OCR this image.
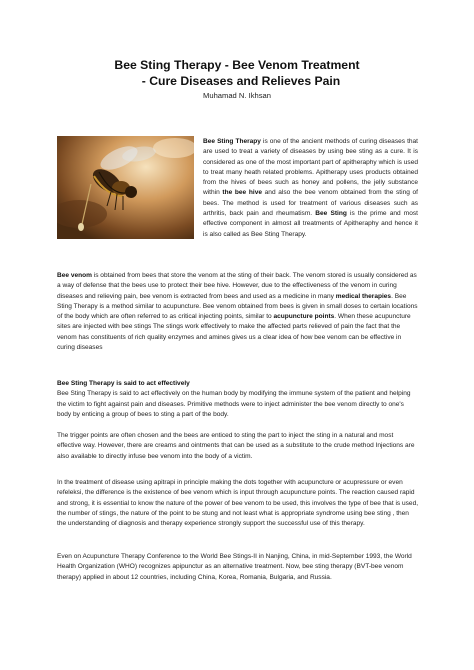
Bee Sting Therapy - Bee Venom Treatment
- Cure Diseases and Relieves Pain
Muhamad N. Ikhsan
Bee Sting Therapy is one of the ancient methods of curing diseases that are used to treat a variety of diseases by using bee sting as a cure. It is considered as one of the most important part of apitheraphy which is used to treat many heath related problems. Apitherapy uses products obtained from the hives of bees such as honey and pollens, the jelly substance within the bee hive and also the bee venom obtained from the sting of bees. The method is used for treatment of various diseases such as arthritis, back pain and rheumatism. Bee Sting is the prime and most effective component in almost all treatments of Apitheraphy and hence it is also called as Bee Sting Therapy.
Bee venom is obtained from bees that store the venom at the sting of their back. The venom stored is usually considered as a way of defense that the bees use to protect their bee hive. However, due to the effectiveness of the venom in curing diseases and relieving pain, bee venom is extracted from bees and used as a medicine in many medical therapies. Bee Sting Therapy is a method similar to acupuncture. Bee venom obtained from bees is given in small doses to certain locations of the body which are often referred to as critical injecting points, similar to acupuncture points. When these acupuncture sites are injected with bee stings The stings work effectively to make the affected parts relieved of pain the fact that the venom has constituents of rich quality enzymes and amines gives us a clear idea of how bee venom can be effective in curing diseases
Bee Sting Therapy is said to act effectively
Bee Sting Therapy is said to act effectively on the human body by modifying the immune system of the patient and helping the victim to fight against pain and diseases. Primitive methods were to inject administer the bee venom directly to one's body by enticing a group of bees to sting a part of the body.
The trigger points are often chosen and the bees are enticed to sting the part to inject the sting in a natural and most effective way. However, there are creams and ointments that can be used as a substitute to the crude method Injections are also available to directly infuse bee venom into the body of a victim.
In the treatment of disease using apitrapi in principle making the dots together with acupuncture or acupressure or even refeleksi, the difference is the existence of bee venom which is input through acupuncture points. The reaction caused rapid and strong, it is essential to know the nature of the power of bee venom to be used, this involves the type of bee that is used, the number of stings, the nature of the point to be stung and not least what is appropriate syndrome using bee sting , then the understanding of diagnosis and therapy experience strongly support the successful use of this therapy.
Even on Acupuncture Therapy Conference to the World Bee Stings-II in Nanjing, China, in mid-September 1993, the World Health Organization (WHO) recognizes apipunctur as an alternative treatment. Now, bee sting therapy (BVT-bee venom therapy) applied in about 12 countries, including China, Korea, Romania, Bulgaria, and Russia.
